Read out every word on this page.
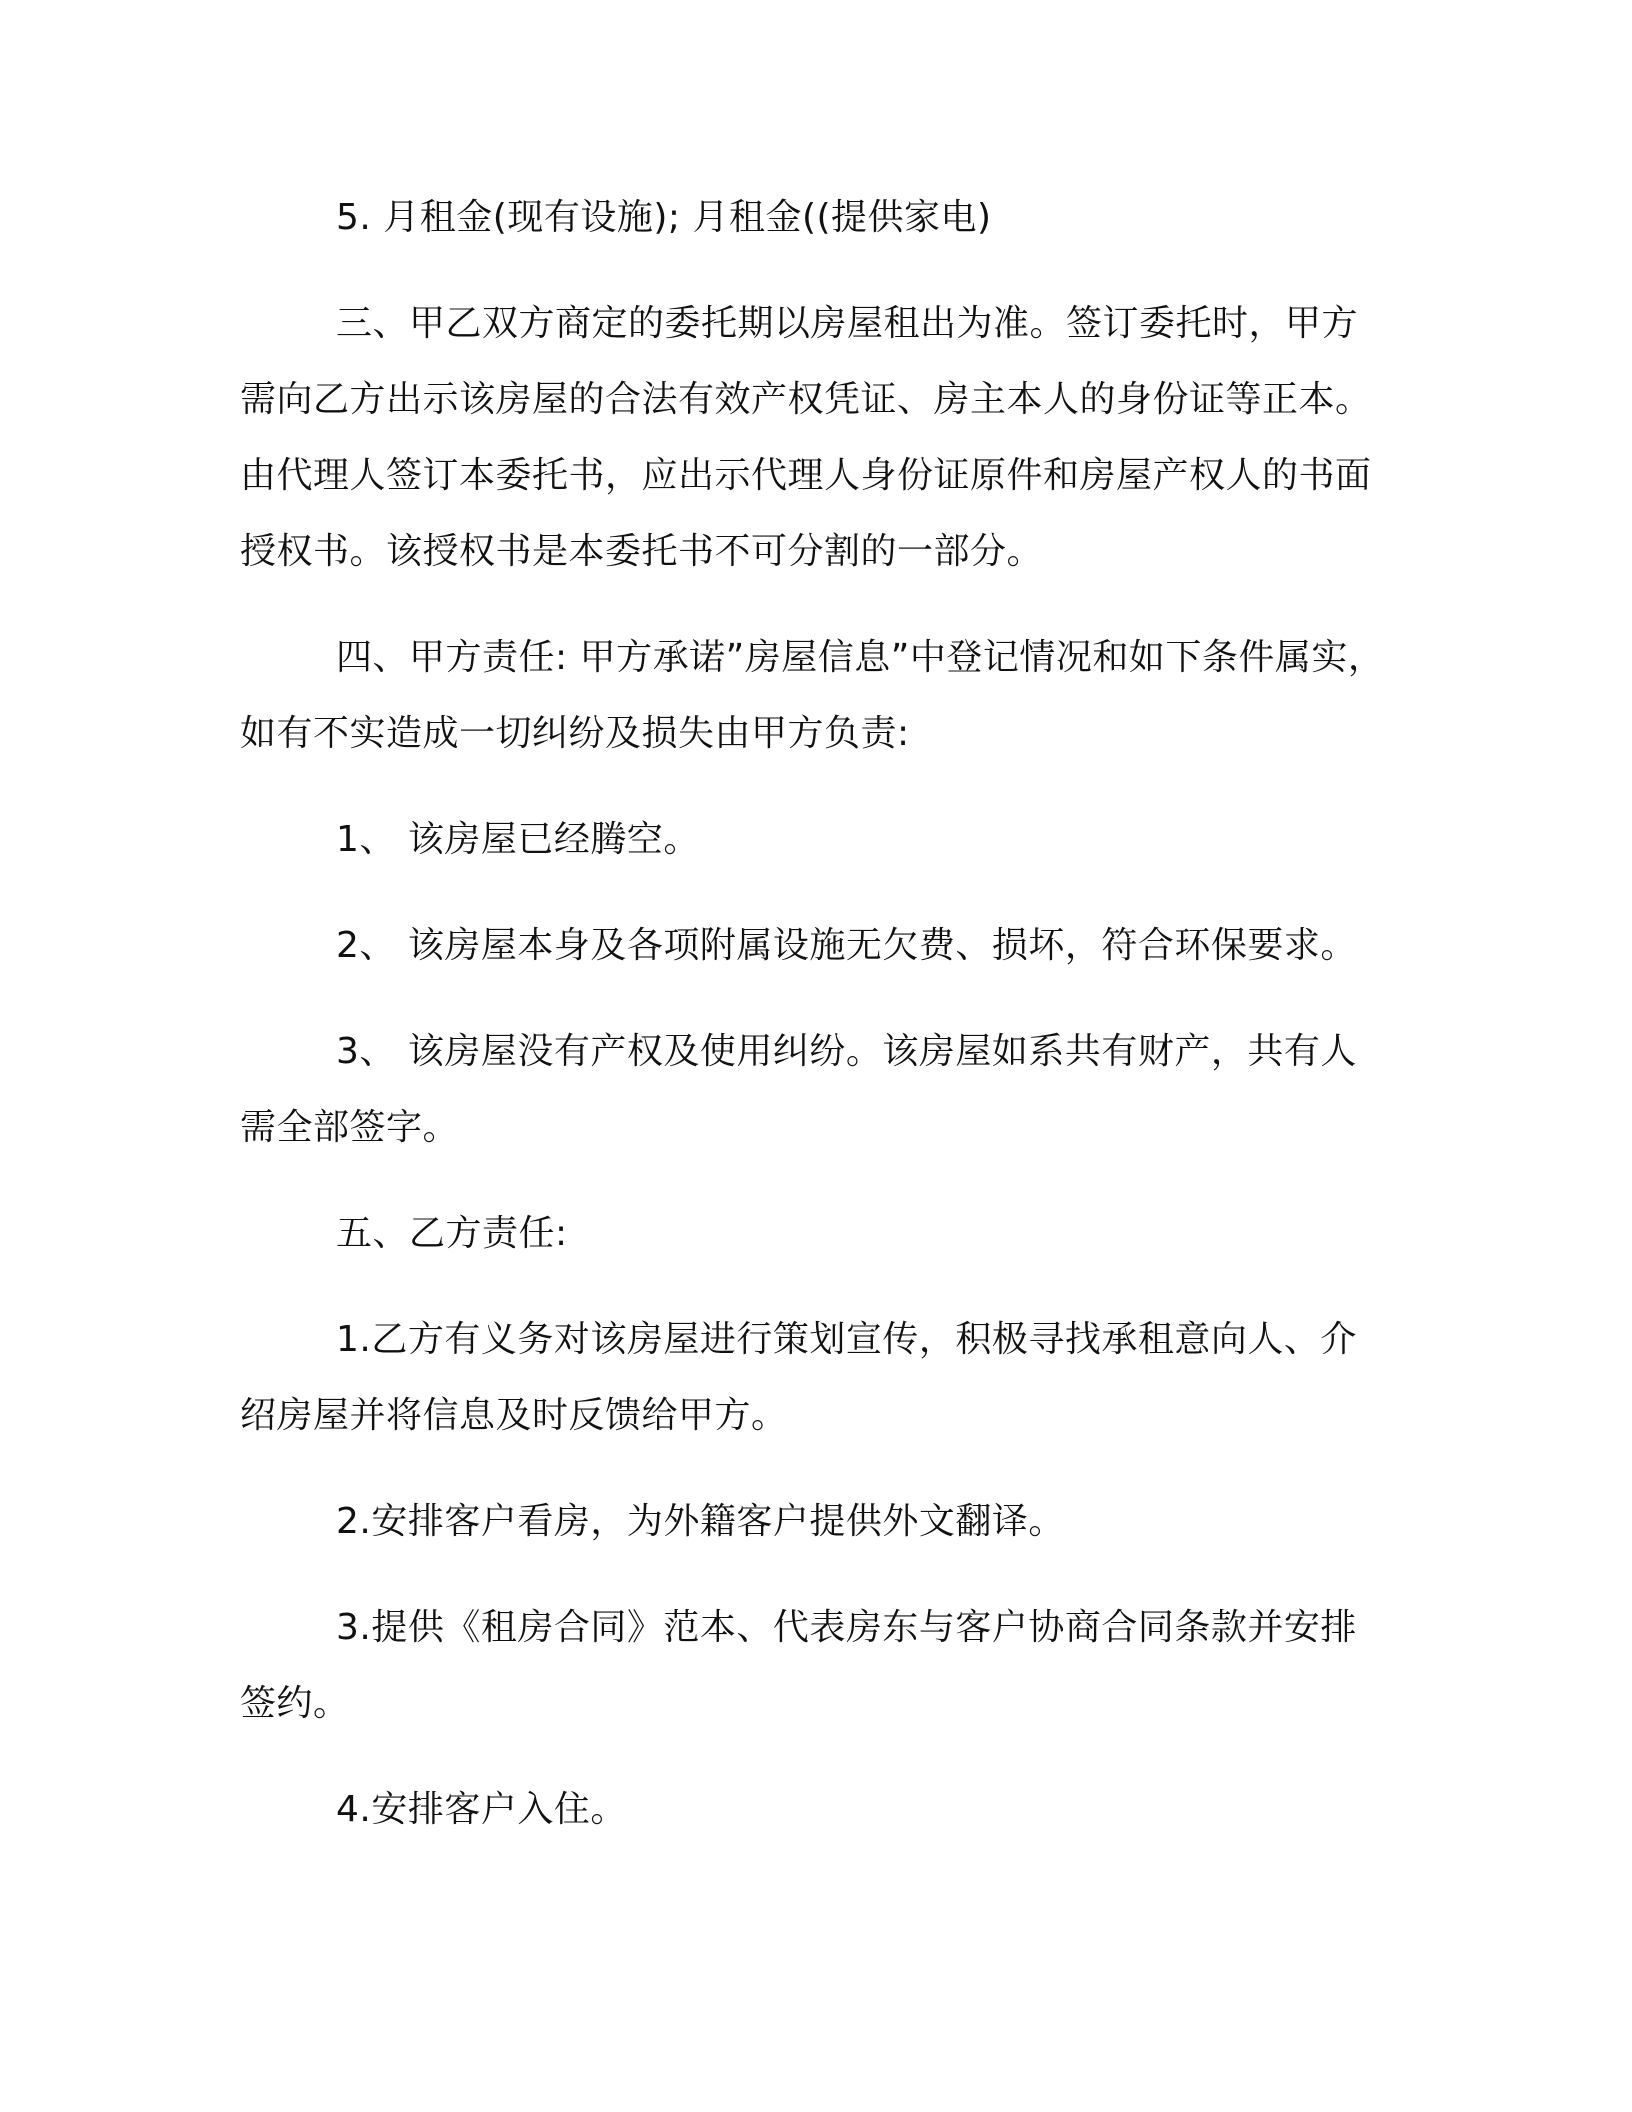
5. 月租金(现有设施); 月租金((提供家电)

三、甲乙双方商定的委托期以房屋租出为准。签订委托时，甲方需向乙方出示该房屋的合法有效产权凭证、房主本人的身份证等正本。由代理人签订本委托书，应出示代理人身份证原件和房屋产权人的书面授权书。该授权书是本委托书不可分割的一部分。

四、甲方责任: 甲方承诺”房屋信息”中登记情况和如下条件属实，如有不实造成一切纠纷及损失由甲方负责:

1、 该房屋已经腾空。

2、 该房屋本身及各项附属设施无欠费、损坏，符合环保要求。

3、 该房屋没有产权及使用纠纷。该房屋如系共有财产，共有人需全部签字。

五、乙方责任:

1.乙方有义务对该房屋进行策划宣传，积极寻找承租意向人、介绍房屋并将信息及时反馈给甲方。

2.安排客户看房，为外籍客户提供外文翻译。

3.提供《租房合同》范本、代表房东与客户协商合同条款并安排签约。

4.安排客户入住。
